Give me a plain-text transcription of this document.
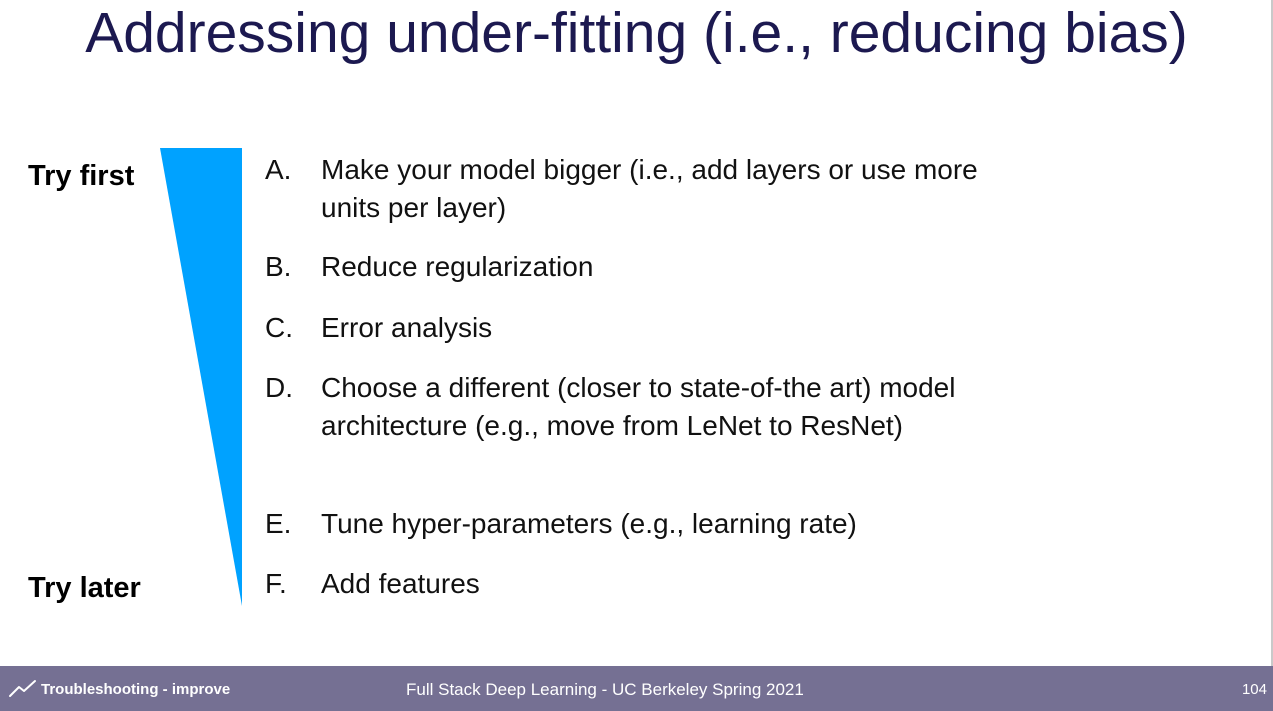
Addressing under-fitting (i.e., reducing bias)
Try first
Try later
A. Make your model bigger (i.e., add layers or use more units per layer)
B. Reduce regularization
C. Error analysis
D. Choose a different (closer to state-of-the art) model architecture (e.g., move from LeNet to ResNet)
E. Tune hyper-parameters (e.g., learning rate)
F. Add features
Troubleshooting - improve	Full Stack Deep Learning - UC Berkeley Spring 2021	104
